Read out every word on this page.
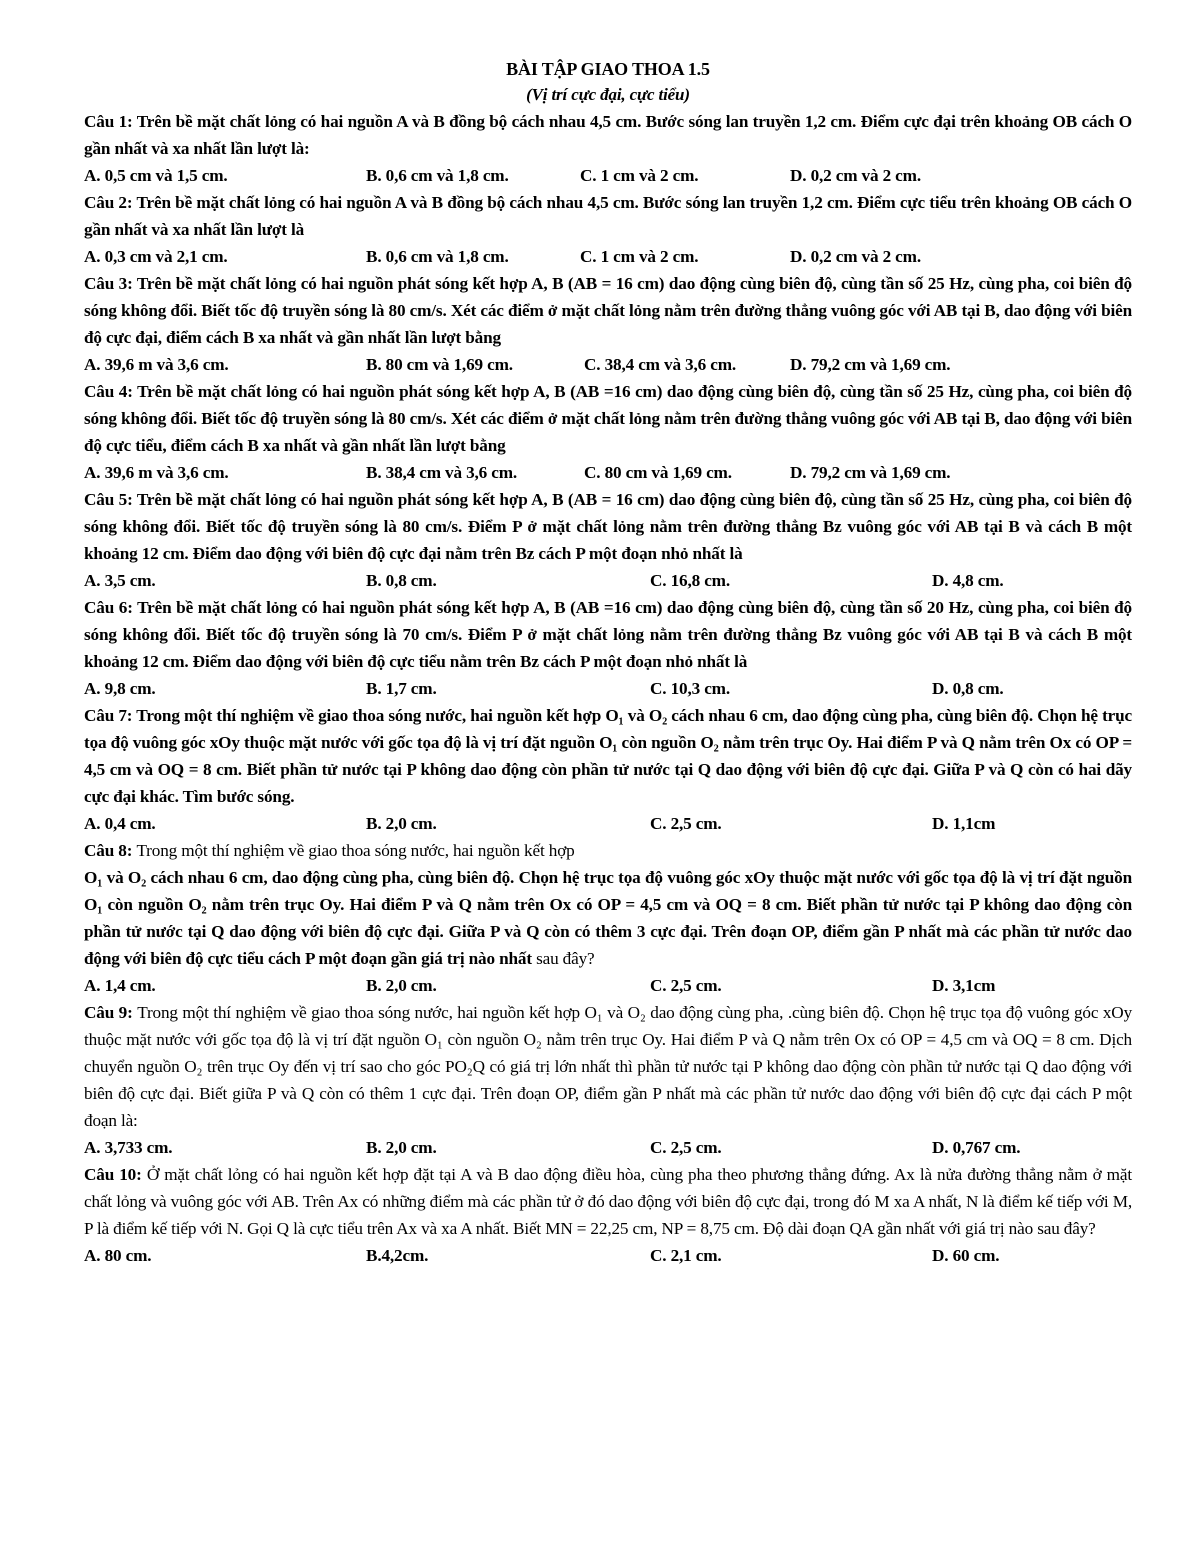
BÀI TẬP GIAO THOA 1.5
(Vị trí cực đại, cực tiểu)
Câu 1: Trên bề mặt chất lỏng có hai nguồn A và B đồng bộ cách nhau 4,5 cm. Bước sóng lan truyền 1,2 cm. Điểm cực đại trên khoảng OB cách O gần nhất và xa nhất lần lượt là:
A. 0,5 cm và 1,5 cm.	B. 0,6 cm và 1,8 cm.	C. 1 cm và 2 cm.	D. 0,2 cm và 2 cm.
Câu 2: Trên bề mặt chất lỏng có hai nguồn A và B đồng bộ cách nhau 4,5 cm. Bước sóng lan truyền 1,2 cm. Điểm cực tiểu trên khoảng OB cách O gần nhất và xa nhất lần lượt là
A. 0,3 cm và 2,1 cm.	B. 0,6 cm và 1,8 cm.	C. 1 cm và 2 cm.	D. 0,2 cm và 2 cm.
Câu 3: Trên bề mặt chất lỏng có hai nguồn phát sóng kết hợp A, B (AB = 16 cm) dao động cùng biên độ, cùng tần số 25 Hz, cùng pha, coi biên độ sóng không đổi. Biết tốc độ truyền sóng là 80 cm/s. Xét các điểm ở mặt chất lỏng nằm trên đường thẳng vuông góc với AB tại B, dao động với biên độ cực đại, điểm cách B xa nhất và gần nhất lần lượt bằng
A. 39,6 m và 3,6 cm.	B. 80 cm và 1,69 cm.	C. 38,4 cm và 3,6 cm.	D. 79,2 cm và 1,69 cm.
Câu 4: Trên bề mặt chất lỏng có hai nguồn phát sóng kết hợp A, B (AB =16 cm) dao động cùng biên độ, cùng tần số 25 Hz, cùng pha, coi biên độ sóng không đổi. Biết tốc độ truyền sóng là 80 cm/s. Xét các điểm ở mặt chất lỏng nằm trên đường thẳng vuông góc với AB tại B, dao động với biên độ cực tiểu, điểm cách B xa nhất và gần nhất lần lượt bằng
A. 39,6 m và 3,6 cm.	B. 38,4 cm và 3,6 cm.	C. 80 cm và 1,69 cm.	D. 79,2 cm và 1,69 cm.
Câu 5: Trên bề mặt chất lỏng có hai nguồn phát sóng kết hợp A, B (AB = 16 cm) dao động cùng biên độ, cùng tần số 25 Hz, cùng pha, coi biên độ sóng không đổi. Biết tốc độ truyền sóng là 80 cm/s. Điểm P ở mặt chất lỏng nằm trên đường thẳng Bz vuông góc với AB tại B và cách B một khoảng 12 cm. Điểm dao động với biên độ cực đại nằm trên Bz cách P một đoạn nhỏ nhất là
A. 3,5 cm.	B. 0,8 cm.	C. 16,8 cm.	D. 4,8 cm.
Câu 6: Trên bề mặt chất lỏng có hai nguồn phát sóng kết hợp A, B (AB =16 cm) dao động cùng biên độ, cùng tần số 20 Hz, cùng pha, coi biên độ sóng không đổi. Biết tốc độ truyền sóng là 70 cm/s. Điểm P ở mặt chất lỏng nằm trên đường thẳng Bz vuông góc với AB tại B và cách B một khoảng 12 cm. Điểm dao động với biên độ cực tiểu nằm trên Bz cách P một đoạn nhỏ nhất là
A. 9,8 cm.	B. 1,7 cm.	C. 10,3 cm.	D. 0,8 cm.
Câu 7: Trong một thí nghiệm về giao thoa sóng nước, hai nguồn kết hợp O₁ và O₂ cách nhau 6 cm, dao động cùng pha, cùng biên độ. Chọn hệ trục tọa độ vuông góc xOy thuộc mặt nước với gốc tọa độ là vị trí đặt nguồn O₁ còn nguồn O₂ nằm trên trục Oy. Hai điểm P và Q nằm trên Ox có OP = 4,5 cm và OQ = 8 cm. Biết phần tử nước tại P không dao động còn phần tử nước tại Q dao động với biên độ cực đại. Giữa P và Q còn có hai dãy cực đại khác. Tìm bước sóng.
A. 0,4 cm.	B. 2,0 cm.	C. 2,5 cm.	D. 1,1cm
Câu 8: Trong một thí nghiệm về giao thoa sóng nước, hai nguồn kết hợp
O₁ và O₂ cách nhau 6 cm, dao động cùng pha, cùng biên độ. Chọn hệ trục tọa độ vuông góc xOy thuộc mặt nước với gốc tọa độ là vị trí đặt nguồn O₁ còn nguồn O₂ nằm trên trục Oy. Hai điểm P và Q nằm trên Ox có OP = 4,5 cm và OQ = 8 cm. Biết phần tử nước tại P không dao động còn phần tử nước tại Q dao động với biên độ cực đại. Giữa P và Q còn có thêm 3 cực đại. Trên đoạn OP, điểm gần P nhất mà các phần tử nước dao động với biên độ cực tiểu cách P một đoạn gần giá trị nào nhất sau đây?
A. 1,4 cm.	B. 2,0 cm.	C. 2,5 cm.	D. 3,1cm
Câu 9: Trong một thí nghiệm về giao thoa sóng nước, hai nguồn kết hợp O₁ và O₂ dao động cùng pha, .cùng biên độ. Chọn hệ trục tọa độ vuông góc xOy thuộc mặt nước với gốc tọa độ là vị trí đặt nguồn O₁ còn nguồn O₂ nằm trên trục Oy. Hai điểm P và Q nằm trên Ox có OP = 4,5 cm và OQ = 8 cm. Dịch chuyển nguồn O₂ trên trục Oy đến vị trí sao cho góc PO₂Q có giá trị lớn nhất thì phần tử nước tại P không dao động còn phần tử nước tại Q dao động với biên độ cực đại. Biết giữa P và Q còn có thêm 1 cực đại. Trên đoạn OP, điểm gần P nhất mà các phần tử nước dao động với biên độ cực đại cách P một đoạn là:
A. 3,733 cm.	B. 2,0 cm.	C. 2,5 cm.	D. 0,767 cm.
Câu 10: Ở mặt chất lỏng có hai nguồn kết hợp đặt tại A và B dao động điều hòa, cùng pha theo phương thẳng đứng. Ax là nửa đường thẳng nằm ở mặt chất lỏng và vuông góc với AB. Trên Ax có những điểm mà các phần tử ở đó dao động với biên độ cực đại, trong đó M xa A nhất, N là điểm kế tiếp với M, P là điểm kế tiếp với N. Gọi Q là cực tiểu trên Ax và xa A nhất. Biết MN = 22,25 cm, NP = 8,75 cm. Độ dài đoạn QA gần nhất với giá trị nào sau đây?
A. 80 cm.	B.4,2cm.	C. 2,1 cm.	D. 60 cm.
